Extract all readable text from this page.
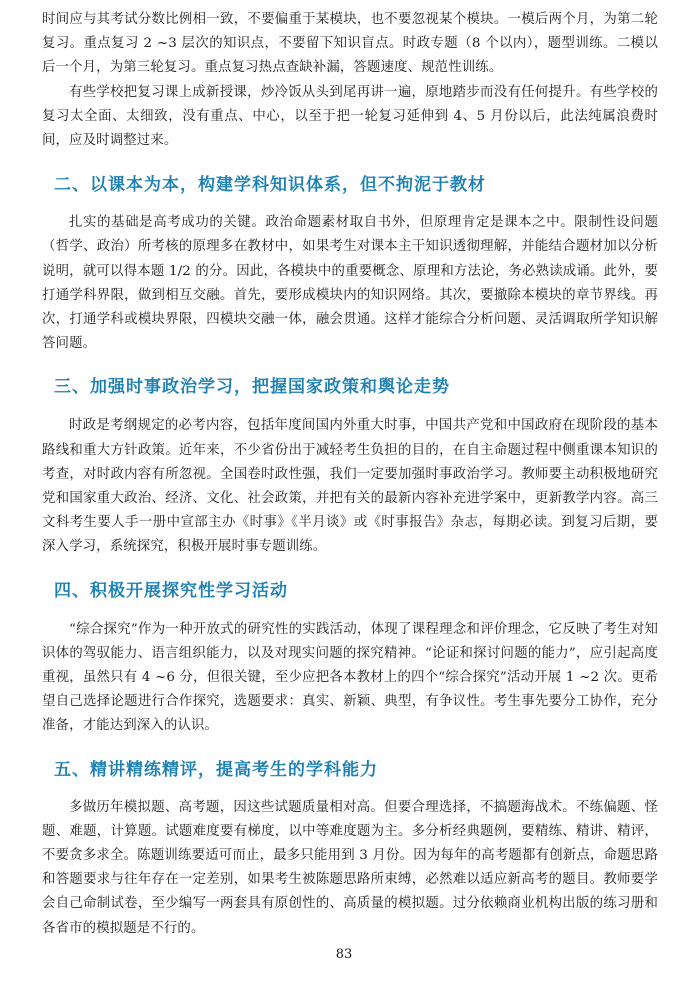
时间应与其考试分数比例相一致，不要偏重于某模块，也不要忽视某个模块。一模后两个月，为第二轮复习。重点复习 2 ~3 层次的知识点，不要留下知识盲点。时政专题（8 个以内），题型训练。二模以后一个月，为第三轮复习。重点复习热点查缺补漏，答题速度、规范性训练。

有些学校把复习课上成新授课，炒冷饭从头到尾再讲一遍，原地踏步而没有任何提升。有些学校的复习太全面、太细致，没有重点、中心，以至于把一轮复习延伸到 4、5 月份以后，此法纯属浪费时间，应及时调整过来。

二、以课本为本，构建学科知识体系，但不拘泥于教材

扎实的基础是高考成功的关键。政治命题素材取自书外，但原理肯定是课本之中。限制性设问题（哲学、政治）所考核的原理多在教材中，如果考生对课本主干知识透彻理解，并能结合题材加以分析说明，就可以得本题 1/2 的分。因此，各模块中的重要概念、原理和方法论，务必熟读成诵。此外，要打通学科界限，做到相互交融。首先，要形成模块内的知识网络。其次，要撤除本模块的章节界线。再次，打通学科或模块界限，四模块交融一体，融会贯通。这样才能综合分析问题、灵活调取所学知识解答问题。

三、加强时事政治学习，把握国家政策和舆论走势

时政是考纲规定的必考内容，包括年度间国内外重大时事，中国共产党和中国政府在现阶段的基本路线和重大方针政策。近年来，不少省份出于减轻考生负担的目的，在自主命题过程中侧重课本知识的考查，对时政内容有所忽视。全国卷时政性强，我们一定要加强时事政治学习。教师要主动积极地研究党和国家重大政治、经济、文化、社会政策，并把有关的最新内容补充进学案中，更新教学内容。高三文科考生要人手一册中宣部主办《时事》《半月谈》或《时事报告》杂志，每期必读。到复习后期，要深入学习，系统探究，积极开展时事专题训练。

四、积极开展探究性学习活动

“综合探究”作为一种开放式的研究性的实践活动，体现了课程理念和评价理念，它反映了考生对知识体的驾驭能力、语言组织能力，以及对现实问题的探究精神。“论证和探讨问题的能力”，应引起高度重视，虽然只有 4 ~6 分，但很关键，至少应把各本教材上的四个“综合探究”活动开展 1 ~2 次。更希望自己选择论题进行合作探究，选题要求：真实、新颖、典型，有争议性。考生事先要分工协作，充分准备，才能达到深入的认识。

五、精讲精练精评，提高考生的学科能力

多做历年模拟题、高考题，因这些试题质量相对高。但要合理选择，不搞题海战术。不练偏题、怪题、难题，计算题。试题难度要有梯度，以中等难度题为主。多分析经典题例，要精练、精讲、精评，不要贪多求全。陈题训练要适可而止，最多只能用到 3 月份。因为每年的高考题都有创新点，命题思路和答题要求与往年存在一定差别，如果考生被陈题思路所束缚，必然难以适应新高考的题目。教师要学会自己命制试卷，至少编写一两套具有原创性的、高质量的模拟题。过分依赖商业机构出版的练习册和各省市的模拟题是不行的。

83
